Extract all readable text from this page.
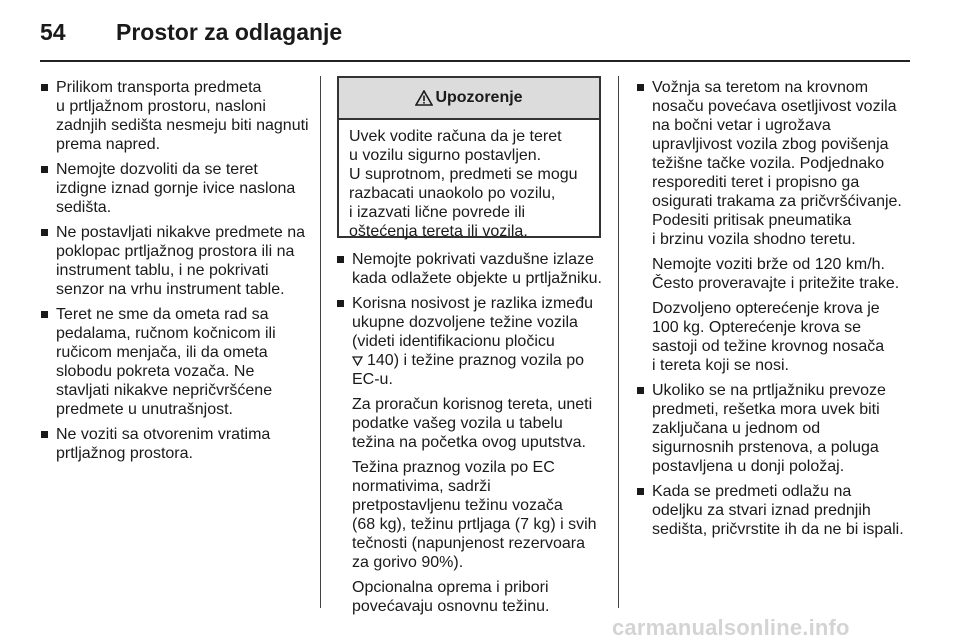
54 Prostor za odlaganje
Prilikom transporta predmeta
u prtljažnom prostoru, nasloni
zadnjih sedišta nesmeju biti nagnuti
prema napred.
Nemojte dozvoliti da se teret
izdigne iznad gornje ivice naslona
sedišta.
Ne postavljati nikakve predmete na
poklopac prtljažnog prostora ili na
instrument tablu, i ne pokrivati
senzor na vrhu instrument table.
Teret ne sme da ometa rad sa
pedalama, ručnom kočnicom ili
ručicom menjača, ili da ometa
slobodu pokreta vozača. Ne
stavljati nikakve nepričvršćene
predmete u unutrašnjost.
Ne voziti sa otvorenim vratima
prtljažnog prostora.
Upozorenje
Uvek vodite računa da je teret
u vozilu sigurno postavljen.
U suprotnom, predmeti se mogu
razbacati unaokolo po vozilu,
i izazvati lične povrede ili
oštećenja tereta ili vozila.
Nemojte pokrivati vazdušne izlaze
kada odlažete objekte u prtljažniku.
Korisna nosivost je razlika između
ukupne dozvoljene težine vozila
(videti identifikacionu pločicu
140) i težine praznog vozila po
EC-u.
Za proračun korisnog tereta, uneti
podatke vašeg vozila u tabelu
težina na početka ovog uputstva.
Težina praznog vozila po EC
normativima, sadrži
pretpostavljenu težinu vozača
(68 kg), težinu prtljaga (7 kg) i svih
tečnosti (napunjenost rezervoara
za gorivo 90%).
Opcionalna oprema i pribori
povećavaju osnovnu težinu.
Vožnja sa teretom na krovnom
nosaču povećava osetljivost vozila
na bočni vetar i ugrožava
upravljivost vozila zbog povišenja
težišne tačke vozila. Podjednako
resporediti teret i propisno ga
osigurati trakama za pričvršćivanje.
Podesiti pritisak pneumatika
i brzinu vozila shodno teretu.
Nemojte voziti brže od 120 km/h.
Često proveravajte i pritežite trake.
Dozvoljeno opterećenje krova je
100 kg. Opterećenje krova se
sastoji od težine krovnog nosača
i tereta koji se nosi.
Ukoliko se na prtljažniku prevoze
predmeti, rešetka mora uvek biti
zaključana u jednom od
sigurnosnih prstenova, a poluga
postavljena u donji položaj.
Kada se predmeti odlažu na
odeljku za stvari iznad prednjih
sedišta, pričvrstite ih da ne bi ispali.
carmanualsonline.info
